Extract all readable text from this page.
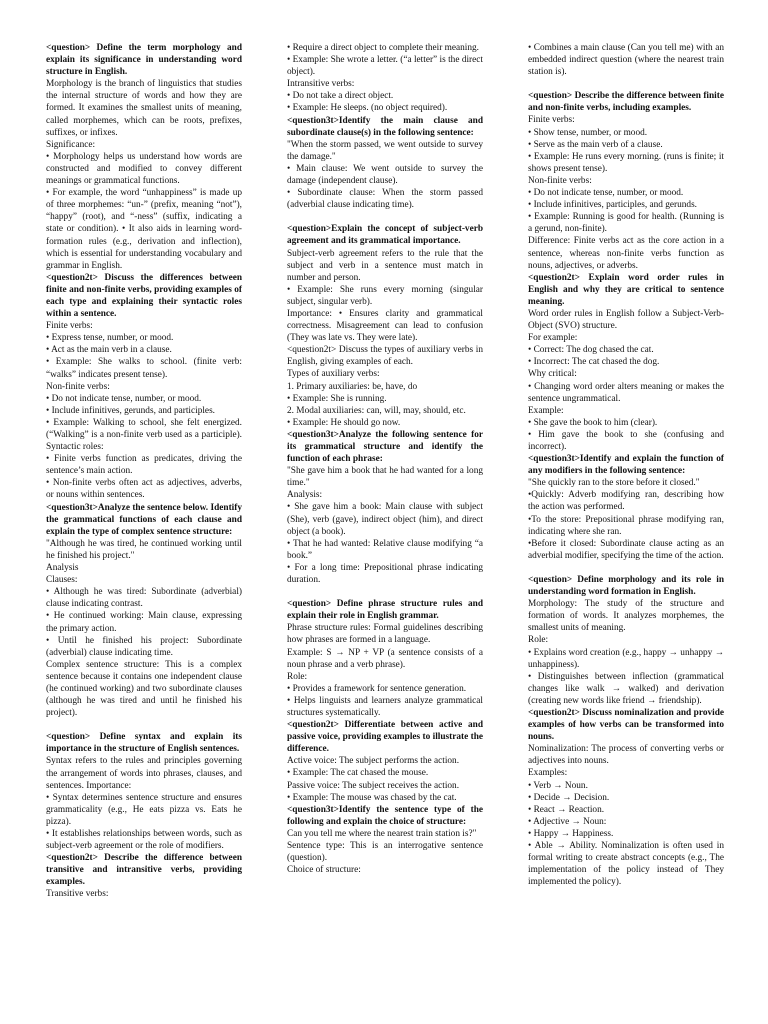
<question> Define the term morphology and explain its significance in understanding word structure in English.

Morphology is the branch of linguistics that studies the internal structure of words and how they are formed. It examines the smallest units of meaning, called morphemes, which can be roots, prefixes, suffixes, or infixes.

Significance:

• Morphology helps us understand how words are constructed and modified to convey different meanings or grammatical functions.

• For example, the word “unhappiness” is made up of three morphemes: “un-” (prefix, meaning “not”), “happy” (root), and “-ness” (suffix, indicating a state or condition). • It also aids in learning word-formation rules (e.g., derivation and inflection), which is essential for understanding vocabulary and grammar in English.

<question2t> Discuss the differences between finite and non-finite verbs, providing examples of each type and explaining their syntactic roles within a sentence.

Finite verbs:

• Express tense, number, or mood.

• Act as the main verb in a clause.

• Example: She walks to school. (finite verb: “walks” indicates present tense).

Non-finite verbs:

• Do not indicate tense, number, or mood.

• Include infinitives, gerunds, and participles.

• Example: Walking to school, she felt energized. (“Walking” is a non-finite verb used as a participle). Syntactic roles:

• Finite verbs function as predicates, driving the sentence’s main action.

• Non-finite verbs often act as adjectives, adverbs, or nouns within sentences.

<question3t>Analyze the sentence below. Identify the grammatical functions of each clause and explain the type of complex sentence structure:

"Although he was tired, he continued working until he finished his project."

Analysis

Clauses:

• Although he was tired: Subordinate (adverbial) clause indicating contrast.

• He continued working: Main clause, expressing the primary action.

• Until he finished his project: Subordinate (adverbial) clause indicating time.

Complex sentence structure: This is a complex sentence because it contains one independent clause (he continued working) and two subordinate clauses (although he was tired and until he finished his project).

<question> Define syntax and explain its importance in the structure of English sentences.

Syntax refers to the rules and principles governing the arrangement of words into phrases, clauses, and sentences. Importance:

• Syntax determines sentence structure and ensures grammaticality (e.g., He eats pizza vs. Eats he pizza).

• It establishes relationships between words, such as subject-verb agreement or the role of modifiers.

<question2t> Describe the difference between transitive and intransitive verbs, providing examples.

Transitive verbs:

• Require a direct object to complete their meaning.

• Example: She wrote a letter. (“a letter” is the direct object).

Intransitive verbs:

• Do not take a direct object.

• Example: He sleeps. (no object required).

<question3t>Identify the main clause and subordinate clause(s) in the following sentence:

"When the storm passed, we went outside to survey the damage."

• Main clause: We went outside to survey the damage (independent clause).

• Subordinate clause: When the storm passed (adverbial clause indicating time).

<question>Explain the concept of subject-verb agreement and its grammatical importance.

Subject-verb agreement refers to the rule that the subject and verb in a sentence must match in number and person.

• Example: She runs every morning (singular subject, singular verb).

Importance: • Ensures clarity and grammatical correctness. Misagreement can lead to confusion (They was late vs. They were late).

<question2t> Discuss the types of auxiliary verbs in English, giving examples of each.

Types of auxiliary verbs:

1. Primary auxiliaries: be, have, do

• Example: She is running.

2. Modal auxiliaries: can, will, may, should, etc.

• Example: He should go now.

<question3t>Analyze the following sentence for its grammatical structure and identify the function of each phrase:

"She gave him a book that he had wanted for a long time."

Analysis:

• She gave him a book: Main clause with subject (She), verb (gave), indirect object (him), and direct object (a book).

• That he had wanted: Relative clause modifying “a book.”

• For a long time: Prepositional phrase indicating duration.

<question> Define phrase structure rules and explain their role in English grammar.

Phrase structure rules: Formal guidelines describing how phrases are formed in a language.

Example: S → NP + VP (a sentence consists of a noun phrase and a verb phrase).

Role:

• Provides a framework for sentence generation.

• Helps linguists and learners analyze grammatical structures systematically.

<question2t> Differentiate between active and passive voice, providing examples to illustrate the difference.

Active voice: The subject performs the action.

• Example: The cat chased the mouse.

Passive voice: The subject receives the action.

• Example: The mouse was chased by the cat.

<question3t>Identify the sentence type of the following and explain the choice of structure:

Can you tell me where the nearest train station is?"

Sentence type: This is an interrogative sentence (question).

Choice of structure:

• Combines a main clause (Can you tell me) with an embedded indirect question (where the nearest train station is).

<question> Describe the difference between finite and non-finite verbs, including examples.

Finite verbs:

• Show tense, number, or mood.

• Serve as the main verb of a clause.

• Example: He runs every morning. (runs is finite; it shows present tense).

Non-finite verbs:

• Do not indicate tense, number, or mood.

• Include infinitives, participles, and gerunds.

• Example: Running is good for health. (Running is a gerund, non-finite).

Difference: Finite verbs act as the core action in a sentence, whereas non-finite verbs function as nouns, adjectives, or adverbs.

<question2t> Explain word order rules in English and why they are critical to sentence meaning.

Word order rules in English follow a Subject-Verb-Object (SVO) structure.

For example:

• Correct: The dog chased the cat.

• Incorrect: The cat chased the dog.

Why critical:

• Changing word order alters meaning or makes the sentence ungrammatical.

Example:

• She gave the book to him (clear).

• Him gave the book to she (confusing and incorrect).

<question3t>Identify and explain the function of any modifiers in the following sentence:

"She quickly ran to the store before it closed."

•Quickly: Adverb modifying ran, describing how the action was performed.

•To the store: Prepositional phrase modifying ran, indicating where she ran.

•Before it closed: Subordinate clause acting as an adverbial modifier, specifying the time of the action.

<question> Define morphology and its role in understanding word formation in English.

Morphology: The study of the structure and formation of words. It analyzes morphemes, the smallest units of meaning.

Role:

• Explains word creation (e.g., happy → unhappy → unhappiness).

• Distinguishes between inflection (grammatical changes like walk → walked) and derivation (creating new words like friend → friendship).

<question2t> Discuss nominalization and provide examples of how verbs can be transformed into nouns.

Nominalization: The process of converting verbs or adjectives into nouns.

Examples:

• Verb → Noun.

• Decide → Decision.

• React → Reaction.

• Adjective → Noun:

• Happy → Happiness.

• Able → Ability. Nominalization is often used in formal writing to create abstract concepts (e.g., The implementation of the policy instead of They implemented the policy).
